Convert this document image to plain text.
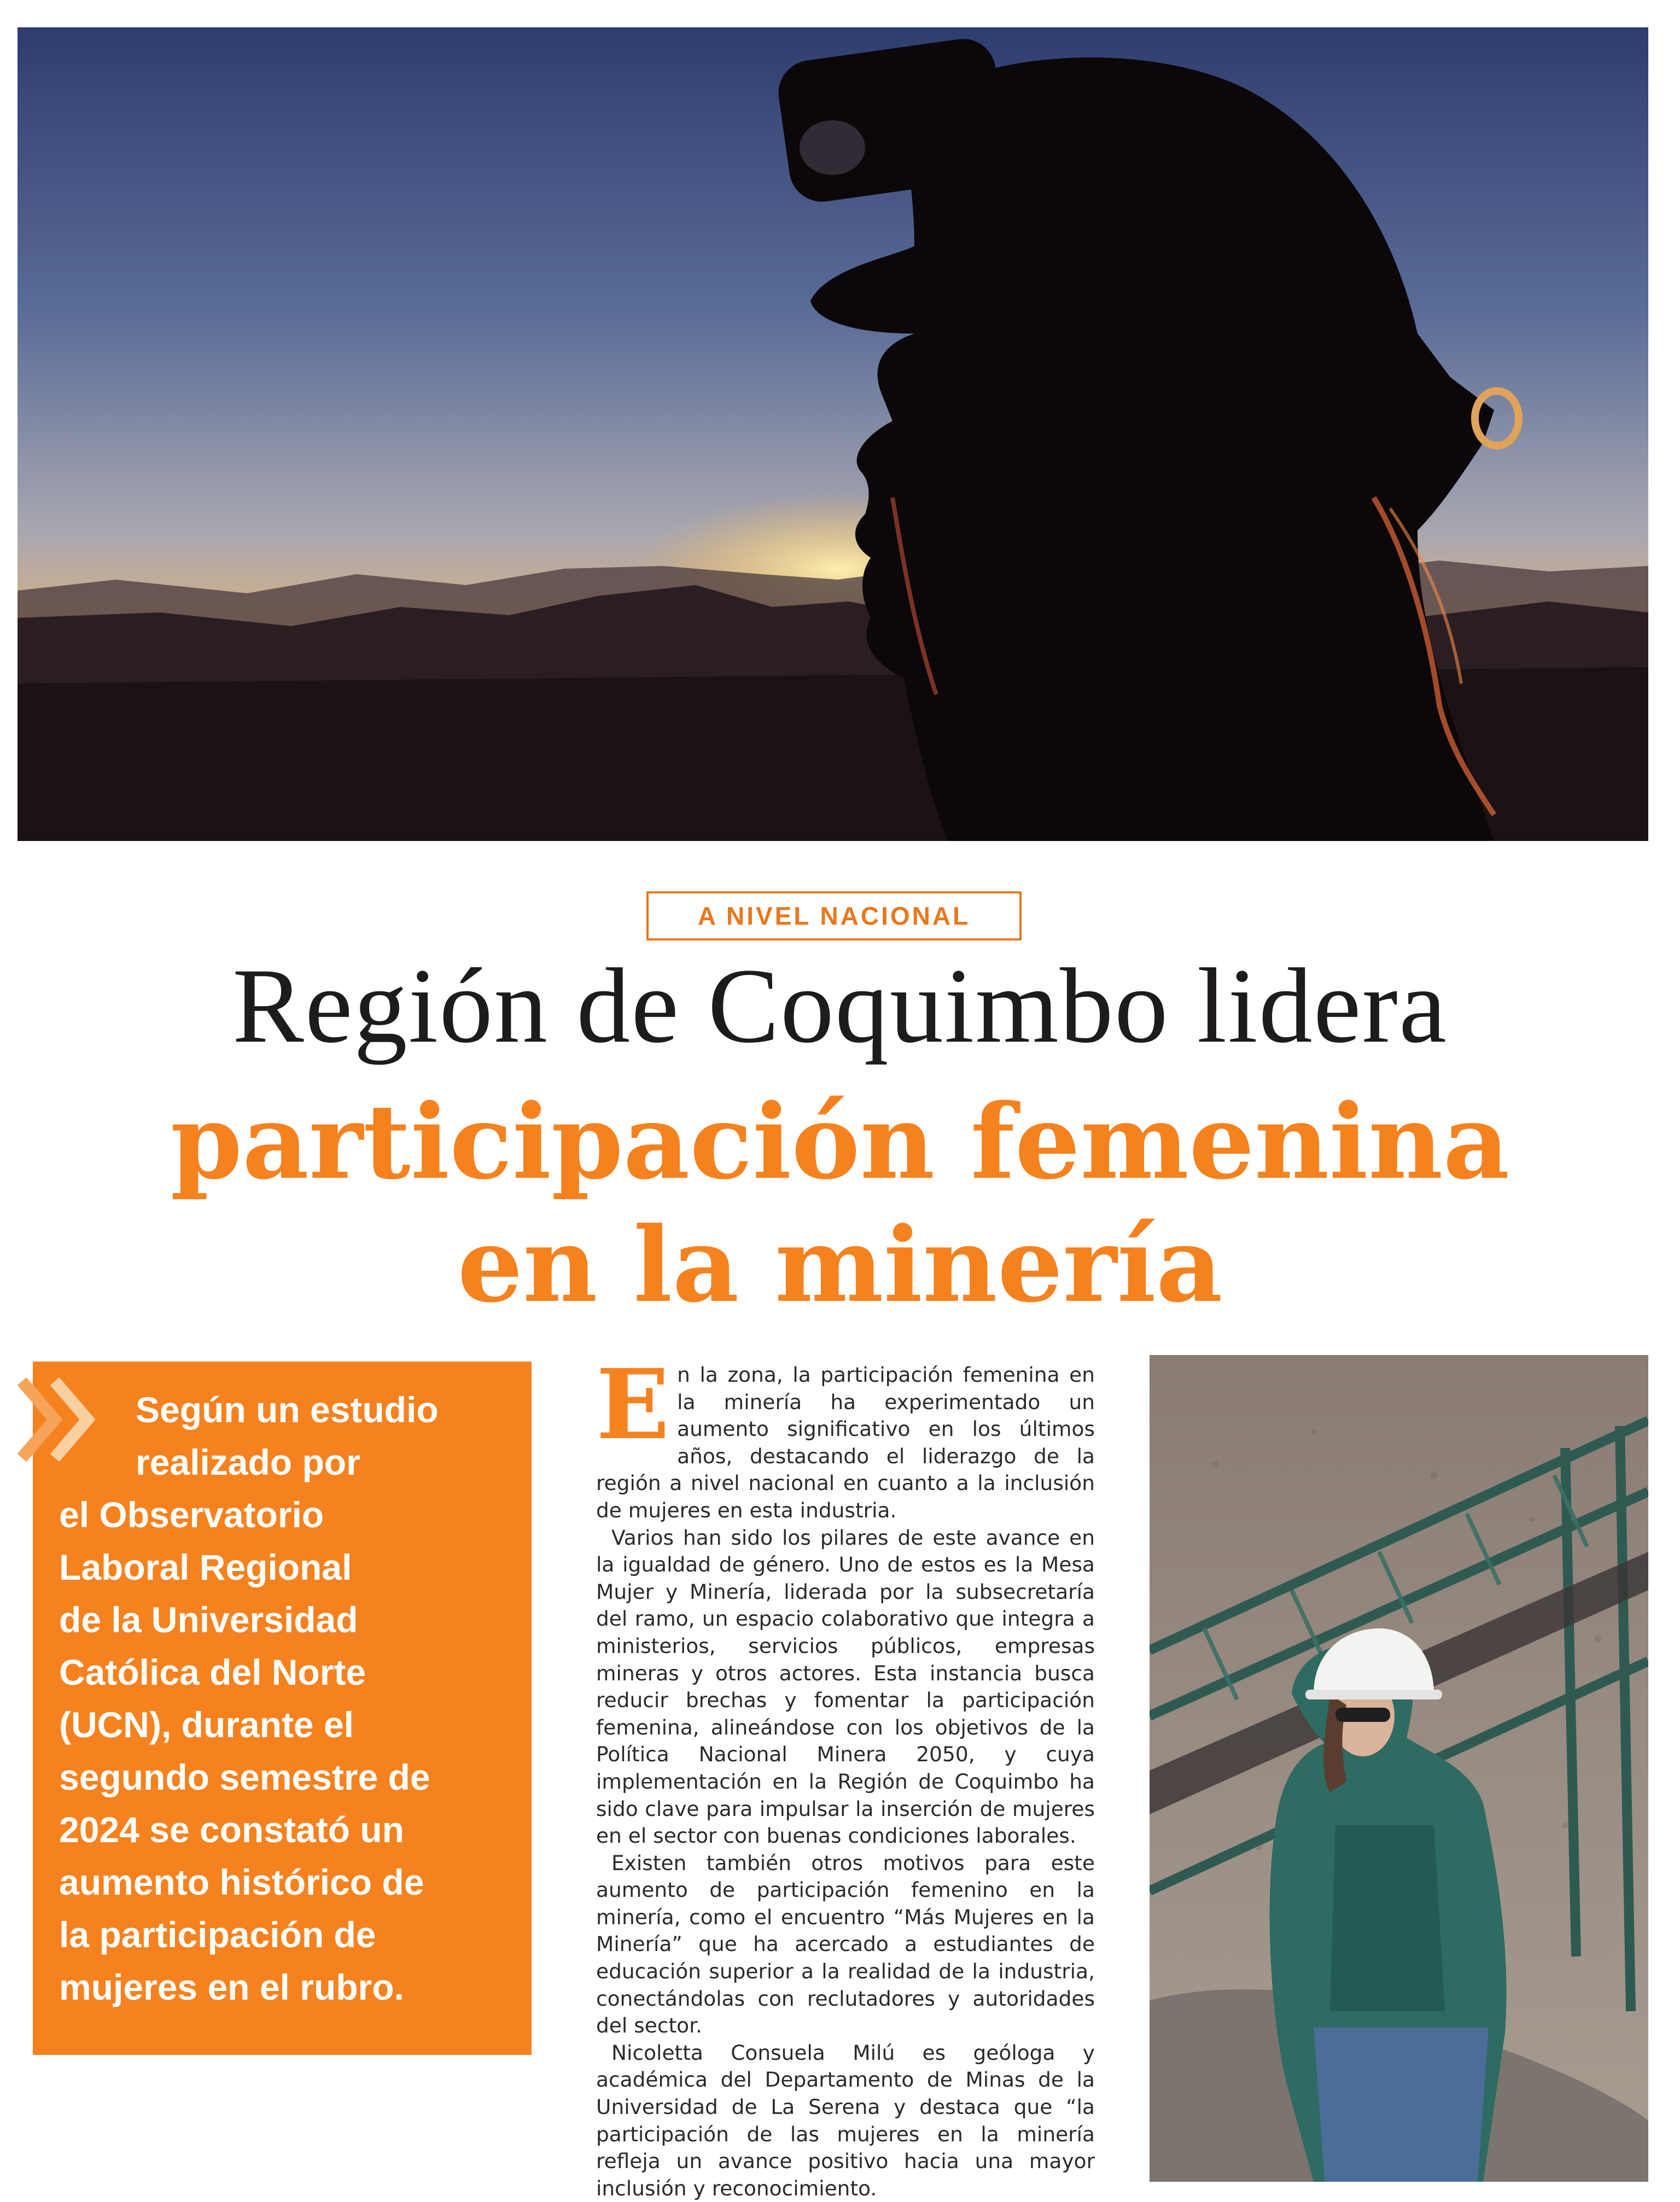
A NIVEL NACIONAL
Región de Coquimbo lidera
participación femenina
en la minería
Según un estudio
realizado por
el Observatorio
Laboral Regional
de la Universidad
Católica del Norte
(UCN), durante el
segundo semestre de
2024 se constató un
aumento histórico de
la participación de
mujeres en el rubro.

En la zona, la participación femenina en la minería ha experimentado un aumento significativo en los últimos años, destacando el liderazgo de la región a nivel nacional en cuanto a la inclusión de mujeres en esta industria.

Varios han sido los pilares de este avance en la igualdad de género. Uno de estos es la Mesa Mujer y Minería, liderada por la subsecretaría del ramo, un espacio colaborativo que integra a ministerios, servicios públicos, empresas mineras y otros actores. Esta instancia busca reducir brechas y fomentar la participación femenina, alineándose con los objetivos de la Política Nacional Minera 2050, y cuya implementación en la Región de Coquimbo ha sido clave para impulsar la inserción de mujeres en el sector con buenas condiciones laborales.

Existen también otros motivos para este aumento de participación femenino en la minería, como el encuentro “Más Mujeres en la Minería” que ha acercado a estudiantes de educación superior a la realidad de la industria, conectándolas con reclutadores y autoridades del sector.

Nicoletta Consuela Milú es geóloga y académica del Departamento de Minas de la Universidad de La Serena y destaca que “la participación de las mujeres en la minería refleja un avance positivo hacia una mayor inclusión y reconocimiento.
